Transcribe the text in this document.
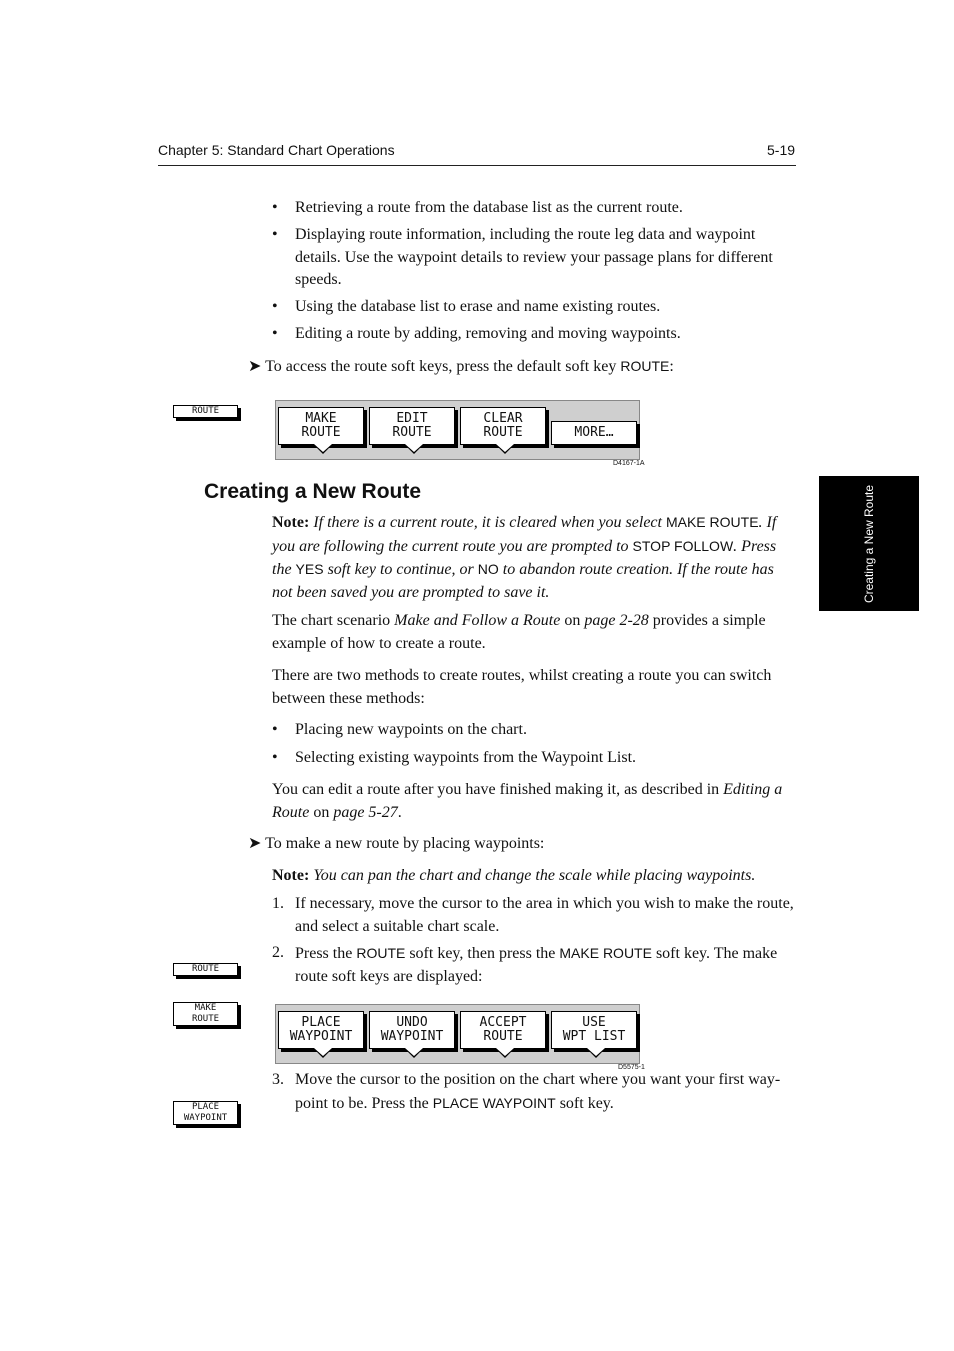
Chapter 5: Standard Chart Operations	5-19
Creating a New Route
• Retrieving a route from the database list as the current route.
• Displaying route information, including the route leg data and waypoint details. Use the waypoint details to review your passage plans for different speeds.
• Using the database list to erase and name existing routes.
• Editing a route by adding, removing and moving waypoints.
➤ To access the route soft keys, press the default soft key ROUTE:
ROUTE	MAKE
ROUTE
EDIT
ROUTE
CLEAR
ROUTE	MORE…
D4167-1A
Creating a New Route
Note: If there is a current route, it is cleared when you select MAKE ROUTE. If you are following the current route you are prompted to STOP FOLLOW. Press the YES soft key to continue, or NO to abandon route creation. If the route has not been saved you are prompted to save it.
The chart scenario Make and Follow a Route on page 2-28 provides a simple example of how to create a route.
There are two methods to create routes, whilst creating a route you can switch between these methods:
• Placing new waypoints on the chart.
• Selecting existing waypoints from the Waypoint List.
You can edit a route after you have finished making it, as described in Editing a Route on page 5-27.
➤ To make a new route by placing waypoints:
Note: You can pan the chart and change the scale while placing waypoints.
1. If necessary, move the cursor to the area in which you wish to make the route, and select a suitable chart scale.
2. Press the ROUTE soft key, then press the MAKE ROUTE soft key. The make route soft keys are displayed:
ROUTE
MAKE
ROUTE
PLACE
WAYPOINT
PLACE
WAYPOINT
UNDO
WAYPOINT
ACCEPT
ROUTE
USE
WPT LIST
D5575-1
3. Move the cursor to the position on the chart where you want your first way-point to be. Press the PLACE WAYPOINT soft key.
